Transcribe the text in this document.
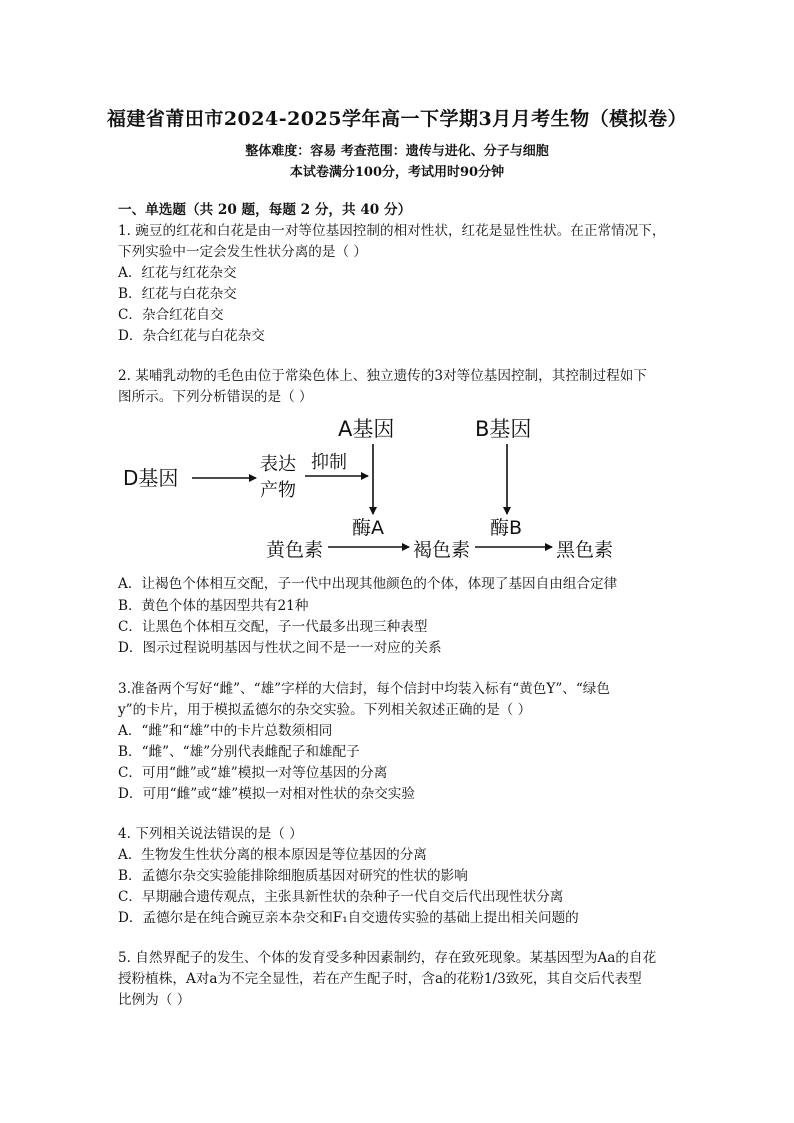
福建省莆田市2024-2025学年高一下学期3月月考生物（模拟卷）
整体难度：容易 考查范围：遗传与进化、分子与细胞
本试卷满分100分，考试用时90分钟
一、单选题（共 20 题，每题 2 分，共 40 分）
1. 豌豆的红花和白花是由一对等位基因控制的相对性状，红花是显性性状。在正常情况下，
下列实验中一定会发生性状分离的是（ ）
A．红花与红花杂交
B．红花与白花杂交
C．杂合红花自交
D．杂合红花与白花杂交
2. 某哺乳动物的毛色由位于常染色体上、独立遗传的3对等位基因控制，其控制过程如下
图所示。下列分析错误的是（ ）
A基因	B基因
D基因
表达
产物
抑制
酶A	酶B
黄色素	褐色素	黑色素
A．让褐色个体相互交配，子一代中出现其他颜色的个体，体现了基因自由组合定律
B．黄色个体的基因型共有21种
C．让黑色个体相互交配，子一代最多出现三种表型
D．图示过程说明基因与性状之间不是一一对应的关系
3.准备两个写好“雌”、“雄”字样的大信封，每个信封中均装入标有“黄色Y”、“绿色
y”的卡片，用于模拟孟德尔的杂交实验。下列相关叙述正确的是（ ）
A．“雌”和“雄”中的卡片总数须相同
B．“雌”、“雄”分别代表雌配子和雄配子
C．可用“雌”或“雄”模拟一对等位基因的分离
D．可用“雌”或“雄”模拟一对相对性状的杂交实验
4. 下列相关说法错误的是（ ）
A．生物发生性状分离的根本原因是等位基因的分离
B．孟德尔杂交实验能排除细胞质基因对研究的性状的影响
C．早期融合遗传观点，主张具新性状的杂种子一代自交后代出现性状分离
D．孟德尔是在纯合豌豆亲本杂交和F₁自交遗传实验的基础上提出相关问题的
5. 自然界配子的发生、个体的发育受多种因素制约，存在致死现象。某基因型为Aa的自花
授粉植株，A对a为不完全显性，若在产生配子时，含a的花粉1/3致死，其自交后代表型
比例为（ ）
